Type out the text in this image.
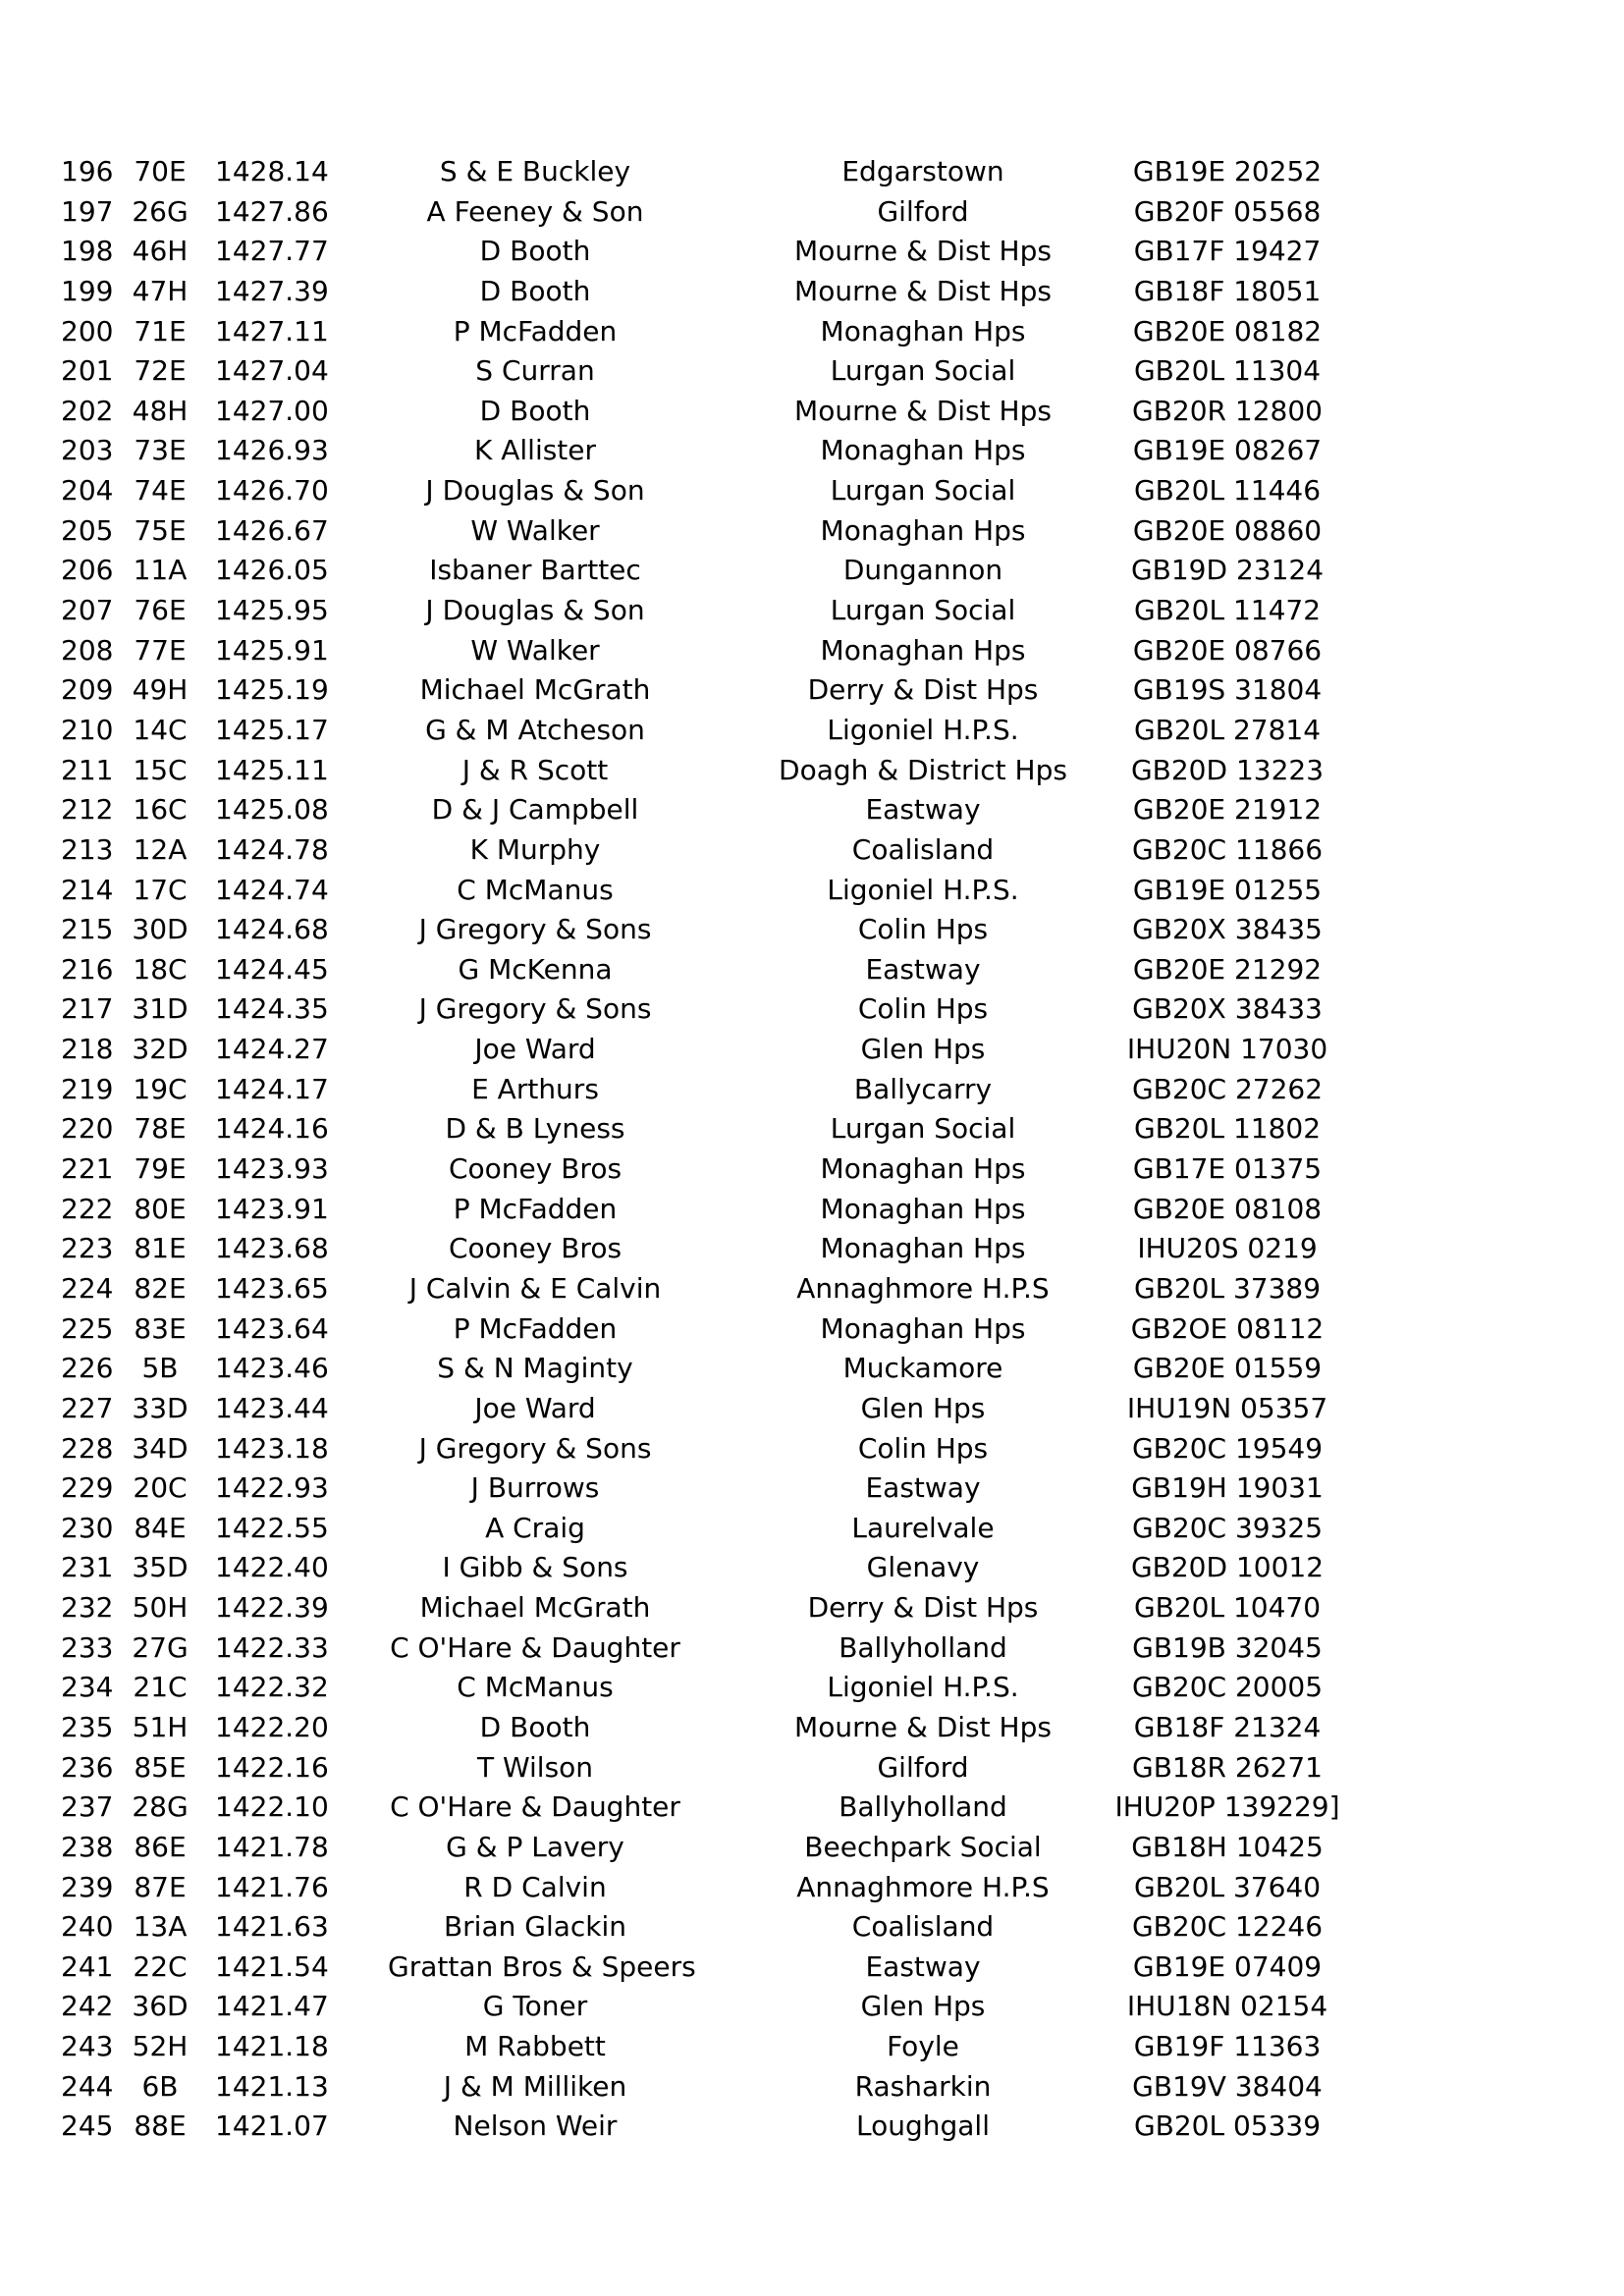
196 70E 1428.14	S & E Buckley	Edgarstown	GB19E 20252
197 26G 1427.86	A Feeney & Son	Gilford	GB20F 05568
198 46H 1427.77	D Booth	Mourne & Dist Hps	GB17F 19427
199 47H 1427.39	D Booth	Mourne & Dist Hps	GB18F 18051
200 71E 1427.11	P McFadden	Monaghan Hps	GB20E 08182
201 72E 1427.04	S Curran	Lurgan Social	GB20L 11304
202 48H 1427.00	D Booth	Mourne & Dist Hps	GB20R 12800
203 73E 1426.93	K Allister	Monaghan Hps	GB19E 08267
204 74E 1426.70	J Douglas & Son	Lurgan Social	GB20L 11446
205 75E 1426.67	W Walker	Monaghan Hps	GB20E 08860
206 11A 1426.05	Isbaner Barttec	Dungannon	GB19D 23124
207 76E 1425.95	J Douglas & Son	Lurgan Social	GB20L 11472
208 77E 1425.91	W Walker	Monaghan Hps	GB20E 08766
209 49H 1425.19	Michael McGrath	Derry & Dist Hps	GB19S 31804
210 14C 1425.17	G & M Atcheson	Ligoniel H.P.S.	GB20L 27814
211 15C 1425.11	J & R Scott	Doagh & District Hps	GB20D 13223
212 16C 1425.08	D & J Campbell	Eastway	GB20E 21912
213 12A 1424.78	K Murphy	Coalisland	GB20C 11866
214 17C 1424.74	C McManus	Ligoniel H.P.S.	GB19E 01255
215 30D 1424.68	J Gregory & Sons	Colin Hps	GB20X 38435
216 18C 1424.45	G McKenna	Eastway	GB20E 21292
217 31D 1424.35	J Gregory & Sons	Colin Hps	GB20X 38433
218 32D 1424.27	Joe Ward	Glen Hps	IHU20N 17030
219 19C 1424.17	E Arthurs	Ballycarry	GB20C 27262
220 78E 1424.16	D & B Lyness	Lurgan Social	GB20L 11802
221 79E 1423.93	Cooney Bros	Monaghan Hps	GB17E 01375
222 80E 1423.91	P McFadden	Monaghan Hps	GB20E 08108
223 81E 1423.68	Cooney Bros	Monaghan Hps	IHU20S 0219
224 82E 1423.65	J Calvin & E Calvin	Annaghmore H.P.S	GB20L 37389
225 83E 1423.64	P McFadden	Monaghan Hps	GB2OE 08112
226	5B	1423.46	S & N Maginty	Muckamore	GB20E 01559
227 33D 1423.44	Joe Ward	Glen Hps	IHU19N 05357
228 34D 1423.18	J Gregory & Sons	Colin Hps	GB20C 19549
229 20C 1422.93	J Burrows	Eastway	GB19H 19031
230 84E 1422.55	A Craig	Laurelvale	GB20C 39325
231 35D 1422.40	I Gibb & Sons	Glenavy	GB20D 10012
232 50H 1422.39	Michael McGrath	Derry & Dist Hps	GB20L 10470
233 27G 1422.33 C O'Hare & Daughter	Ballyholland	GB19B 32045
234 21C 1422.32	C McManus	Ligoniel H.P.S.	GB20C 20005
235 51H 1422.20	D Booth	Mourne & Dist Hps	GB18F 21324
236 85E 1422.16	T Wilson	Gilford	GB18R 26271
237 28G 1422.10 C O'Hare & Daughter	Ballyholland	IHU20P 139229]
238 86E 1421.78	G & P Lavery	Beechpark Social	GB18H 10425
239 87E 1421.76	R D Calvin	Annaghmore H.P.S	GB20L 37640
240 13A 1421.63	Brian Glackin	Coalisland	GB20C 12246
241 22C 1421.54 Grattan Bros & Speers	Eastway	GB19E 07409
242 36D 1421.47	G Toner	Glen Hps	IHU18N 02154
243 52H 1421.18	M Rabbett	Foyle	GB19F 11363
244	6B	1421.13	J & M Milliken	Rasharkin	GB19V 38404
245 88E 1421.07	Nelson Weir	Loughgall	GB20L 05339
